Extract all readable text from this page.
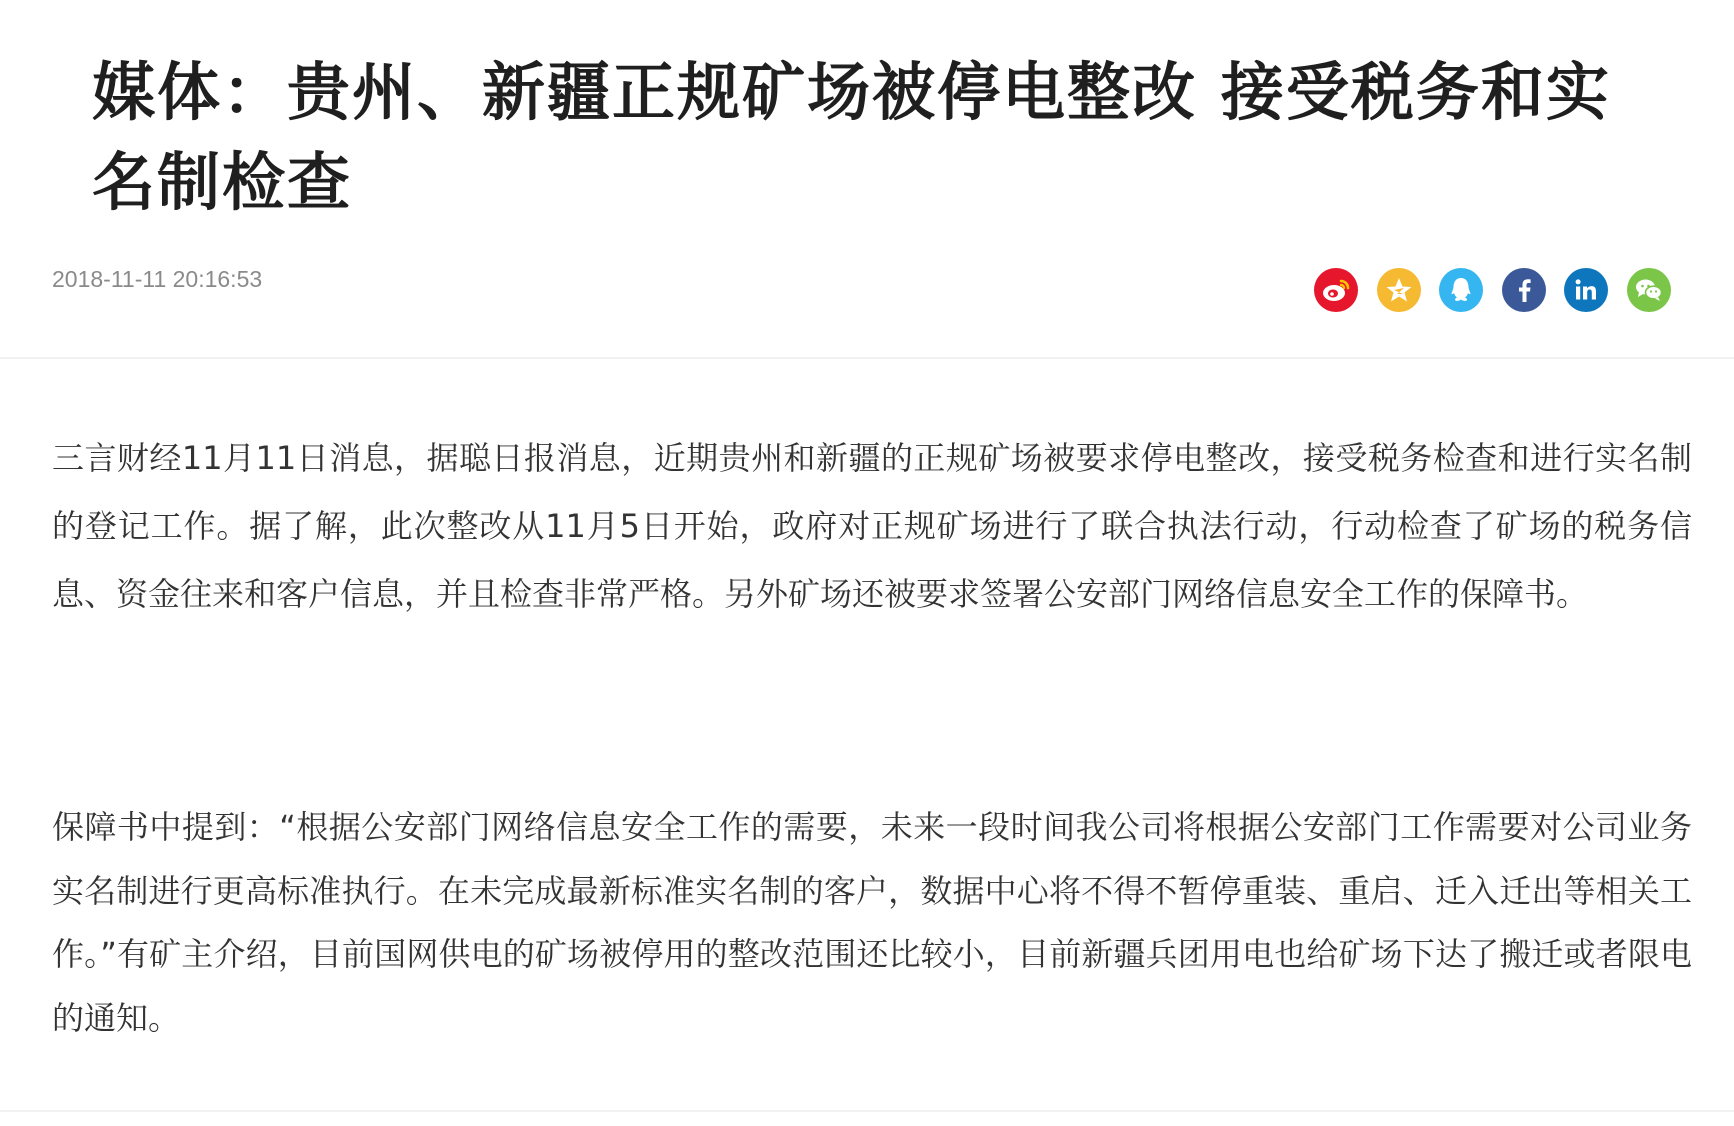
媒体：贵州、新疆正规矿场被停电整改 接受税务和实名制检查
2018-11-11 20:16:53

三言财经11月11日消息，据聪日报消息，近期贵州和新疆的正规矿场被要求停电整改，接受税务检查和进行实名制的登记工作。据了解，此次整改从11月5日开始，政府对正规矿场进行了联合执法行动，行动检查了矿场的税务信息、资金往来和客户信息，并且检查非常严格。另外矿场还被要求签署公安部门网络信息安全工作的保障书。

保障书中提到：“根据公安部门网络信息安全工作的需要，未来一段时间我公司将根据公安部门工作需要对公司业务实名制进行更高标准执行。在未完成最新标准实名制的客户，数据中心将不得不暂停重装、重启、迁入迁出等相关工作。”有矿主介绍，目前国网供电的矿场被停用的整改范围还比较小，目前新疆兵团用电也给矿场下达了搬迁或者限电的通知。
